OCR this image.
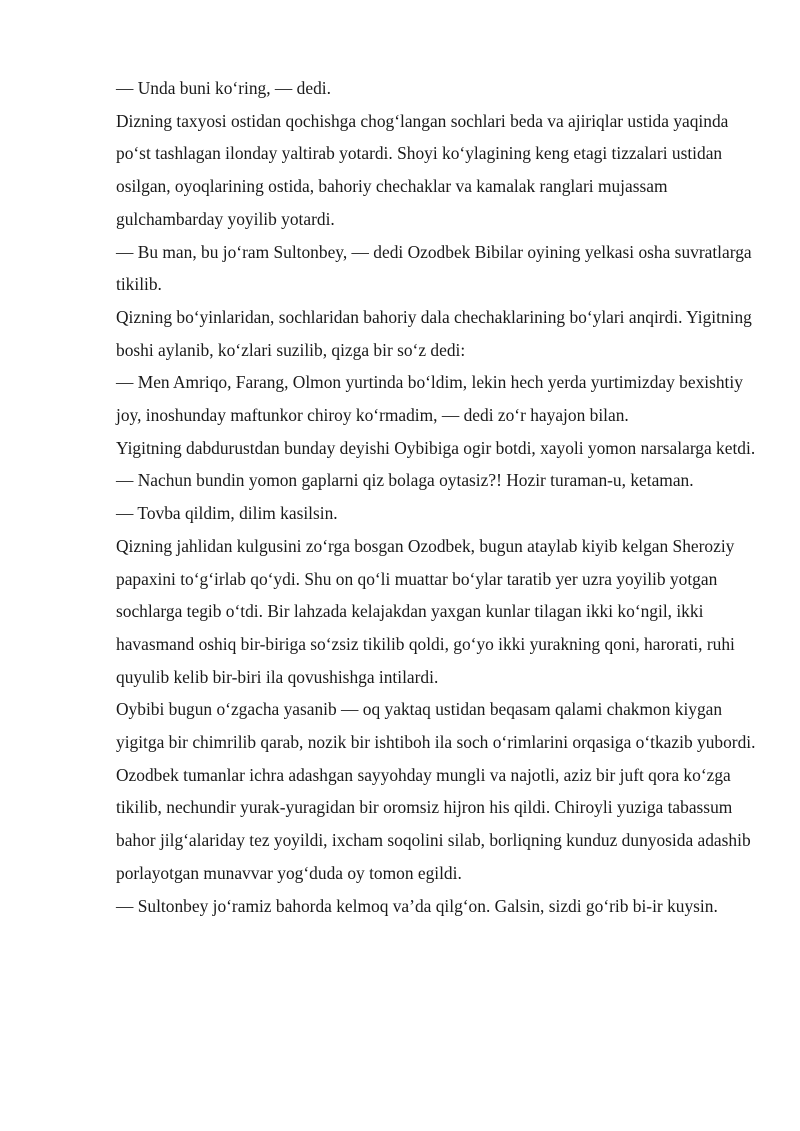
— Unda buni ko‘ring, — dedi.

Dizning taxyosi ostidan qochishga chog‘langan sochlari beda va ajiriqlar ustida yaqinda po‘st tashlagan ilonday yaltirab yotardi. Shoyi ko‘ylagining keng etagi tizzalari ustidan osilgan, oyoqlarining ostida, bahoriy chechaklar va kamalak ranglari mujassam gulchambarday yoyilib yotardi.

— Bu man, bu jo‘ram Sultonbey, — dedi Ozodbek Bibilar oyining yelkasi osha suvratlarga tikilib.

Qizning bo‘yinlaridan, sochlaridan bahoriy dala chechaklarining bo‘ylari anqirdi. Yigitning boshi aylanib, ko‘zlari suzilib, qizga bir so‘z dedi:

— Men Amriqo, Farang, Olmon yurtinda bo‘ldim, lekin hech yerda yurtimizday bexishtiy joy, inoshunday maftunkor chiroy ko‘rmadim, — dedi zo‘r hayajon bilan.

Yigitning dabdurustdan bunday deyishi Oybibiga ogir botdi, xayoli yomon narsalarga ketdi.

— Nachun bundin yomon gaplarni qiz bolaga oytasiz?! Hozir turaman-u, ketaman.

— Tovba qildim, dilim kasilsin.

Qizning jahlidan kulgusini zo‘rga bosgan Ozodbek, bugun ataylab kiyib kelgan Sheroziy papaxini to‘g‘irlab qo‘ydi. Shu on qo‘li muattar bo‘ylar taratib yer uzra yoyilib yotgan sochlarga tegib o‘tdi. Bir lahzada kelajakdan yaxgan kunlar tilagan ikki ko‘ngil, ikki havasmand oshiq bir-biriga so‘zsiz tikilib qoldi, go‘yo ikki yurakning qoni, harorati, ruhi quyulib kelib bir-biri ila qovushishga intilardi.

Oybibi bugun o‘zgacha yasanib — oq yaktaq ustidan beqasam qalami chakmon kiygan yigitga bir chimrilib qarab, nozik bir ishtiboh ila soch o‘rimlarini orqasiga o‘tkazib yubordi. Ozodbek tumanlar ichra adashgan sayyohday mungli va najotli, aziz bir juft qora ko‘zga tikilib, nechundir yurak-yuragidan bir oromsiz hijron his qildi. Chiroyli yuziga tabassum bahor jilg‘alariday tez yoyildi, ixcham soqolini silab, borliqning kunduz dunyosida adashib porlayotgan munavvar yog‘duda oy tomon egildi.

— Sultonbey jo‘ramiz bahorda kelmoq va’da qilg‘on. Galsin, sizdi go‘rib bi-ir kuysin.
